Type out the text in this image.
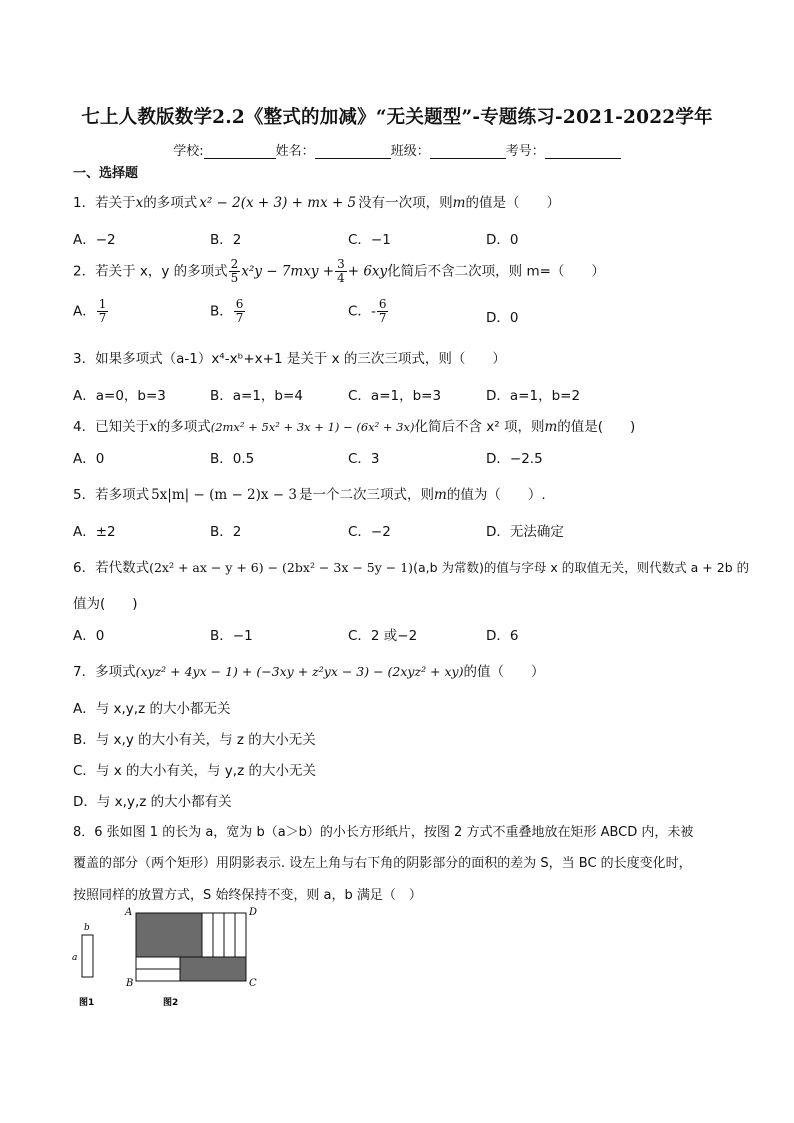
七上人教版数学2.2《整式的加减》“无关题型”-专题练习-2021-2022学年
学校:	姓名：	班级：	考号：
一、选择题
1．若关于x的多项式 x² − 2(x + 3) + mx + 5 没有一次项，则m的值是（　　）
A．−2	B．2	C．−1	D．0
2．若关于 x，y 的多项式 $\frac{2}{5} x^2y - 7mxy + \frac{3}{4} + 6xy$化简后不含二次项，则 m=（　　）
A． $\frac{1}{7}$	B． $\frac{6}{7}$	C．- $\frac{6}{7}$	D．0
3．如果多项式（a-1）x⁴-xᵇ+x+1 是关于 x 的三次三项式，则（　　）
A．a=0，b=3	B．a=1，b=4	C．a=1，b=3	D．a=1，b=2
4．已知关于x的多项式(2mx² + 5x² + 3x + 1) − (6x² + 3x)化简后不含 x² 项，则m的值是(　　)
A．0	B．0.5	C．3	D．−2.5
5．若多项式 5x|m| − (m − 2)x − 3 是一个二次三项式，则m的值为（　　）.
A．±2	B．2	C．−2	D．无法确定
6．若代数式(2x² + ax − y + 6) − (2bx² − 3x − 5y − 1)(a,b 为常数)的值与字母 x 的取值无关，则代数式 a + 2b 的
值为(　　)
A．0	B．−1	C．2 或−2	D．6
7．多项式(xyz² + 4yx − 1) + (−3xy + z²yx − 3) − (2xyz² + xy)的值（　　）
A．与 x,y,z 的大小都无关
B．与 x,y 的大小有关，与 z 的大小无关
C．与 x 的大小有关，与 y,z 的大小无关
D．与 x,y,z 的大小都有关
8．6 张如图 1 的长为 a，宽为 b（a＞b）的小长方形纸片，按图 2 方式不重叠地放在矩形 ABCD 内，未被
覆盖的部分（两个矩形）用阴影表示. 设左上角与右下角的阴影部分的面积的差为 S，当 BC 的长度变化时，
按照同样的放置方式，S 始终保持不变，则 a，b 满足（　）
b
a
图1
A	D
B	C
图2
